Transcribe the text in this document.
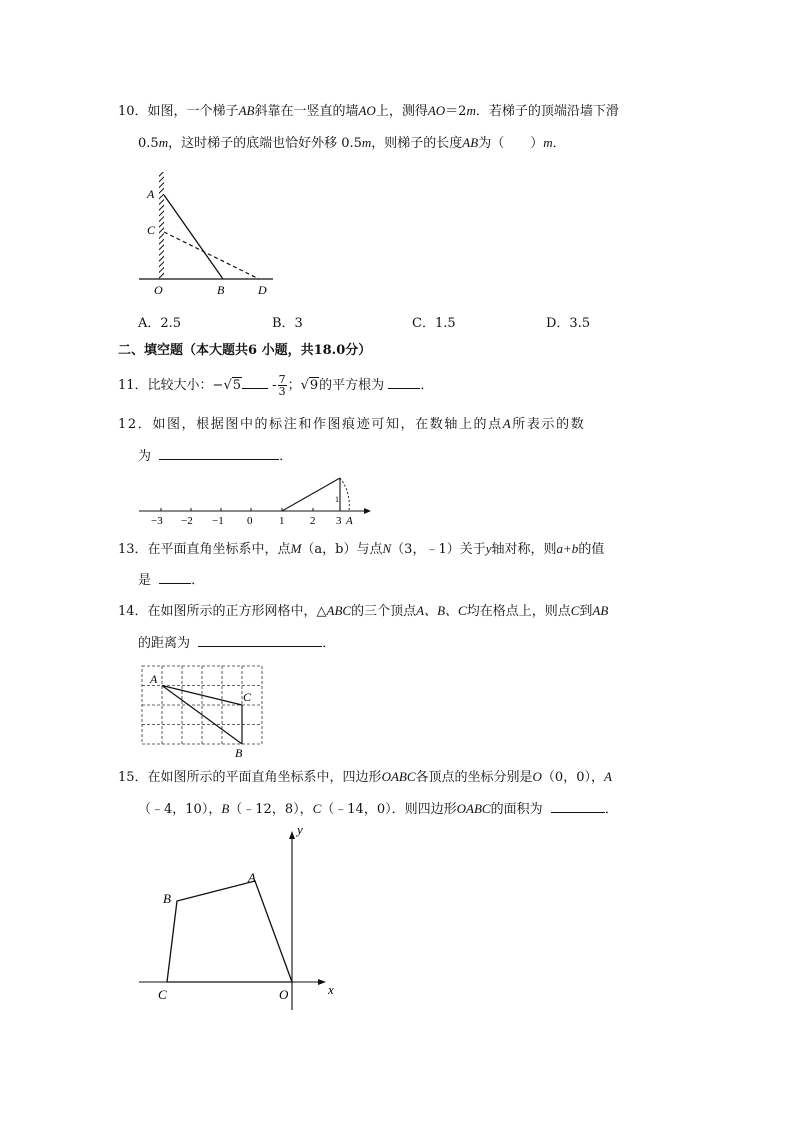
10．如图，一个梯子AB斜靠在一竖直的墙AO上，测得AO＝2m．若梯子的顶端沿墙下滑
0.5m，这时梯子的底端也恰好外移 0.5m，则梯子的长度AB为（　　）m．
A
C
O	B	D
A．2.5	B．3	C．1.5	D．3.5
二、填空题（本大题共6 小题，共18.0分）
11．比较大小：$-√5 - \frac{7}{3}$ ；√9的平方根为	．
12．如图，根据图中的标注和作图痕迹可知，在数轴上的点A所表示的数
为	．
1
−3 −2 −1 0 1 2 3 A
13．在平面直角坐标系中，点M（a，b）与点N（3，﹣1）关于y轴对称，则a+b的值
是	．
14．在如图所示的正方形网格中，△ABC的三个顶点A、B、C均在格点上，则点C到AB
的距离为	．
A
C
B
15．在如图所示的平面直角坐标系中，四边形OABC各顶点的坐标分别是O（0，0），A
（﹣4，10），B（﹣12，8），C（﹣14，0）．则四边形OABC的面积为	．
y
x
O
A
B
C
